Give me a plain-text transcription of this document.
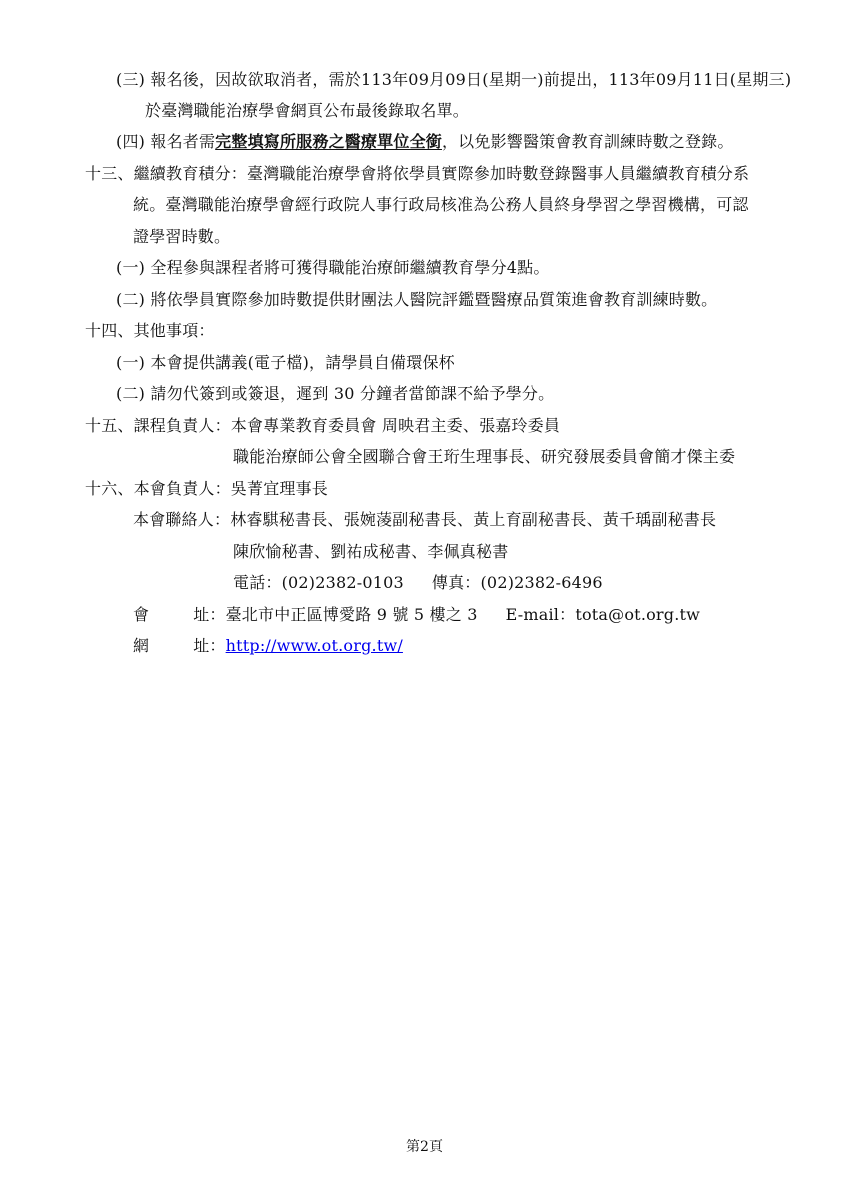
(三) 報名後，因故欲取消者，需於113年09月09日(星期一)前提出，113年09月11日(星期三)
於臺灣職能治療學會網頁公布最後錄取名單。
(四) 報名者需完整填寫所服務之醫療單位全銜，以免影響醫策會教育訓練時數之登錄。
十三、繼續教育積分：臺灣職能治療學會將依學員實際參加時數登錄醫事人員繼續教育積分系
統。臺灣職能治療學會經行政院人事行政局核准為公務人員終身學習之學習機構，可認
證學習時數。
(一) 全程參與課程者將可獲得職能治療師繼續教育學分4點。
(二) 將依學員實際參加時數提供財團法人醫院評鑑暨醫療品質策進會教育訓練時數。
十四、其他事項：
(一) 本會提供講義(電子檔)，請學員自備環保杯
(二) 請勿代簽到或簽退，遲到 30 分鐘者當節課不給予學分。
十五、課程負責人：本會專業教育委員會 周映君主委、張嘉玲委員
職能治療師公會全國聯合會王珩生理事長、研究發展委員會簡才傑主委
十六、本會負責人：吳菁宜理事長
本會聯絡人：林睿騏秘書長、張婉蓤副秘書長、黃上育副秘書長、黃千瑀副秘書長
陳欣愉秘書、劉祐成秘書、李佩真秘書
電話：(02)2382-0103 傳真：(02)2382-6496
會	址：臺北市中正區博愛路 9 號 5 樓之 3 E-mail：tota@ot.org.tw
網	址：http://www.ot.org.tw/
第2頁
